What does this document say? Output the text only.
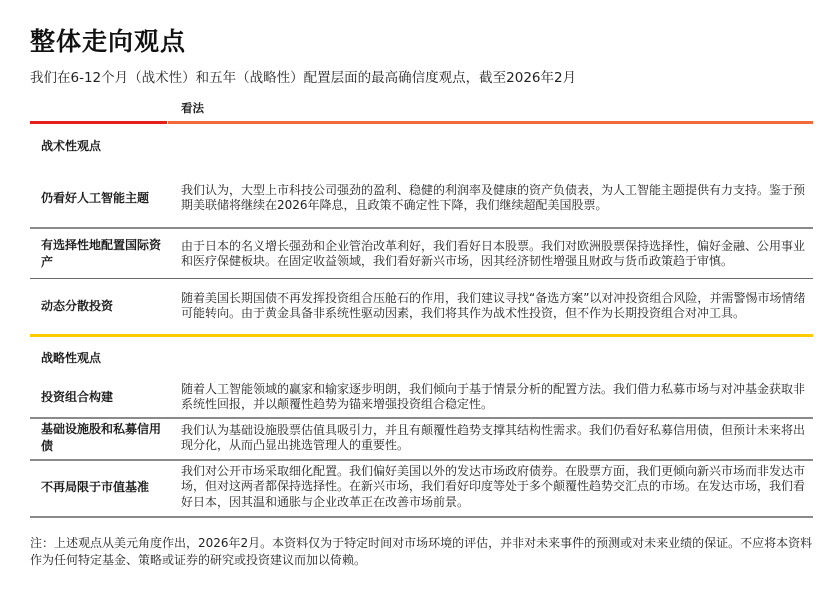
整体走向观点
我们在6-12个月（战术性）和五年（战略性）配置层面的最高确信度观点，截至2026年2月
看法
战术性观点
仍看好人工智能主题
我们认为，大型上市科技公司强劲的盈利、稳健的利润率及健康的资产负债表，为人工智能主题提供有力支持。鉴于预期美联储将继续在2026年降息，且政策不确定性下降，我们继续超配美国股票。
有选择性地配置国际资产
由于日本的名义增长强劲和企业管治改革利好，我们看好日本股票。我们对欧洲股票保持选择性，偏好金融、公用事业和医疗保健板块。在固定收益领域，我们看好新兴市场，因其经济韧性增强且财政与货币政策趋于审慎。
动态分散投资
随着美国长期国债不再发挥投资组合压舱石的作用，我们建议寻找“备选方案”以对冲投资组合风险，并需警惕市场情绪可能转向。由于黄金具备非系统性驱动因素，我们将其作为战术性投资，但不作为长期投资组合对冲工具。
战略性观点
投资组合构建
随着人工智能领域的赢家和输家逐步明朗，我们倾向于基于情景分析的配置方法。我们借力私募市场与对冲基金获取非系统性回报，并以颠覆性趋势为锚来增强投资组合稳定性。
基础设施股和私募信用债
我们认为基础设施股票估值具吸引力，并且有颠覆性趋势支撑其结构性需求。我们仍看好私募信用债，但预计未来将出现分化，从而凸显出挑选管理人的重要性。
不再局限于市值基准
我们对公开市场采取细化配置。我们偏好美国以外的发达市场政府债券。在股票方面，我们更倾向新兴市场而非发达市场，但对这两者都保持选择性。在新兴市场，我们看好印度等处于多个颠覆性趋势交汇点的市场。在发达市场，我们看好日本，因其温和通胀与企业改革正在改善市场前景。
注：上述观点从美元角度作出，2026年2月。本资料仅为于特定时间对市场环境的评估，并非对未来事件的预测或对未来业绩的保证。不应将本资料作为任何特定基金、策略或证券的研究或投资建议而加以倚赖。
